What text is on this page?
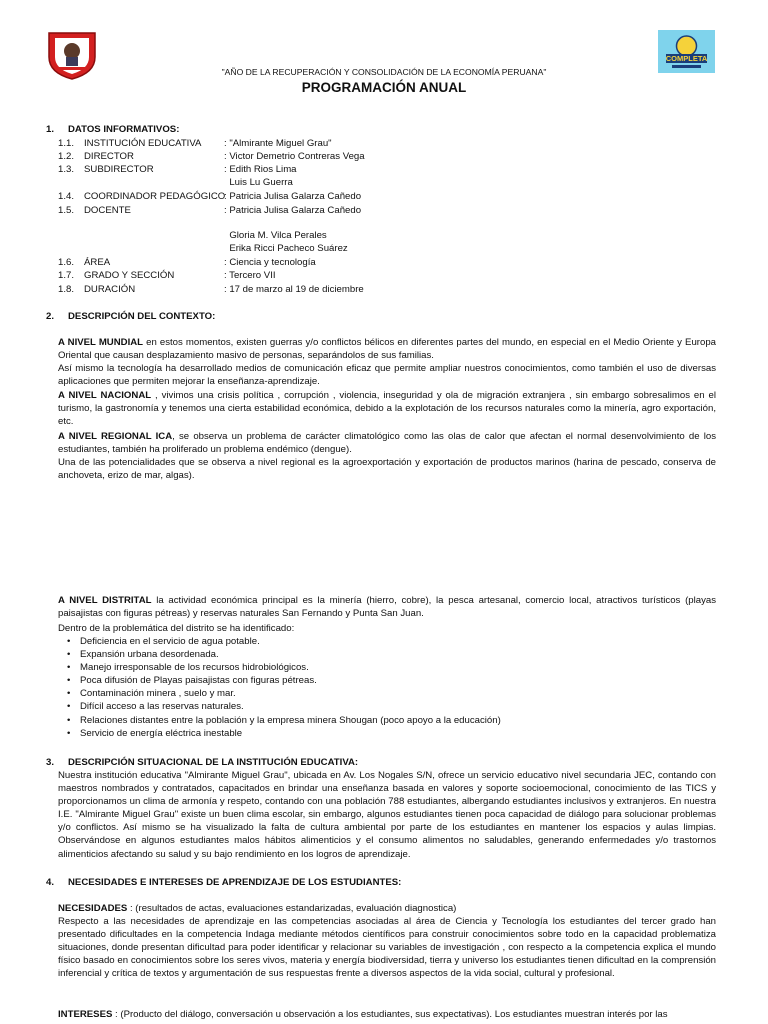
COMPLETA
"AÑO DE LA RECUPERACIÓN Y CONSOLIDACIÓN DE LA ECONOMÍA PERUANA"
PROGRAMACIÓN ANUAL
1. DATOS INFORMATIVOS:
1.1. INSTITUCIÓN EDUCATIVA : "Almirante Miguel Grau"
1.2. DIRECTOR	: Victor Demetrio Contreras Vega
1.3. SUBDIRECTOR	: Edith Rios Lima
Luis Lu Guerra
1.4. COORDINADOR PEDAGÓGICO
: Patricia Julisa Galarza Cañedo
1.5. DOCENTE	: Patricia Julisa Galarza Cañedo
Gloria M. Vilca Perales
Erika Ricci Pacheco Suárez
1.6. ÁREA	: Ciencia y tecnología
1.7. GRADO Y SECCIÓN	: Tercero VII
1.8. DURACIÓN	: 17 de marzo al 19 de diciembre
2. DESCRIPCIÓN DEL CONTEXTO:
A NIVEL MUNDIAL en estos momentos, existen guerras y/o conflictos bélicos en diferentes partes del mundo, en especial en el Medio Oriente y Europa Oriental que causan desplazamiento masivo de personas, separándolos de sus familias.
Así mismo la tecnología ha desarrollado medios de comunicación eficaz que permite ampliar nuestros conocimientos, como también el uso de diversas aplicaciones que permiten mejorar la enseñanza-aprendizaje.
A NIVEL NACIONAL , vivimos una crisis política , corrupción , violencia, inseguridad y ola de migración extranjera , sin embargo sobresalimos en el turismo, la gastronomía y tenemos una cierta estabilidad económica, debido a la explotación de los recursos naturales como la minería, agro exportación, etc.
A NIVEL REGIONAL ICA, se observa un problema de carácter climatológico como las olas de calor que afectan el normal desenvolvimiento de los estudiantes, también ha proliferado un problema endémico (dengue).
Una de las potencialidades que se observa a nivel regional es la agroexportación y exportación de productos marinos (harina de pescado, conserva de anchoveta, erizo de mar, algas).
A NIVEL DISTRITAL la actividad económica principal es la minería (hierro, cobre), la pesca artesanal, comercio local, atractivos turísticos (playas paisajistas con figuras pétreas) y reservas naturales San Fernando y Punta San Juan.
Dentro de la problemática del distrito se ha identificado:
• Deficiencia en el servicio de agua potable.
• Expansión urbana desordenada.
• Manejo irresponsable de los recursos hidrobiológicos.
• Poca difusión de Playas paisajistas con figuras pétreas.
• Contaminación minera , suelo y mar.
• Difícil acceso a las reservas naturales.
• Relaciones distantes entre la población y la empresa minera Shougan (poco apoyo a la educación)
• Servicio de energía eléctrica inestable
3. DESCRIPCIÓN SITUACIONAL DE LA INSTITUCIÓN EDUCATIVA:
Nuestra institución educativa "Almirante Miguel Grau", ubicada en Av. Los Nogales S/N, ofrece un servicio educativo nivel secundaria JEC, contando con maestros nombrados y contratados, capacitados en brindar una enseñanza basada en valores y soporte socioemocional, conocimiento de las TICS y proporcionamos un clima de armonía y respeto, contando con una población 788 estudiantes, albergando estudiantes inclusivos y extranjeros. En nuestra I.E. "Almirante Miguel Grau" existe un buen clima escolar, sin embargo, algunos estudiantes tienen poca capacidad de diálogo para solucionar problemas y/o conflictos. Así mismo se ha visualizado la falta de cultura ambiental por parte de los estudiantes en mantener los espacios y aulas limpias. Observándose en algunos estudiantes malos hábitos alimenticios y el consumo alimentos no saludables, generando enfermedades y/o trastornos alimenticios afectando su salud y su bajo rendimiento en los logros de aprendizaje.
4. NECESIDADES E INTERESES DE APRENDIZAJE DE LOS ESTUDIANTES:
NECESIDADES : (resultados de actas, evaluaciones estandarizadas, evaluación diagnostica)
Respecto a las necesidades de aprendizaje en las competencias asociadas al área de Ciencia y Tecnología los estudiantes del tercer grado han presentado dificultades en la competencia Indaga mediante métodos científicos para construir conocimientos sobre todo en la capacidad problematiza situaciones, donde presentan dificultad para poder identificar y relacionar su variables de investigación , con respecto a la competencia explica el mundo físico basado en conocimientos sobre los seres vivos, materia y energía biodiversidad, tierra y universo los estudiantes tienen dificultad en la comprensión inferencial y crítica de textos y argumentación de sus respuestas frente a diversos aspectos de la vida social, cultural y profesional.
INTERESES : (Producto del diálogo, conversación u observación a los estudiantes, sus expectativas). Los estudiantes muestran interés por las
